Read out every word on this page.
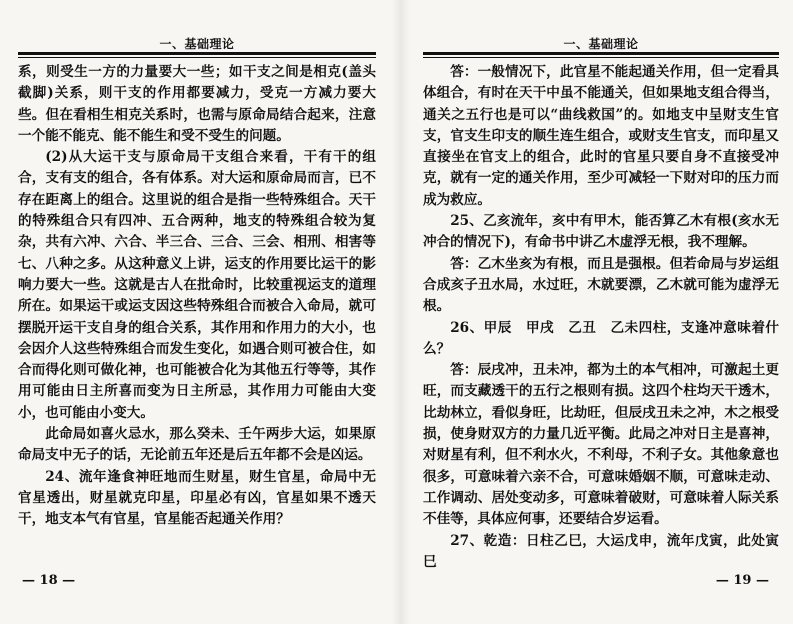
一、基础理论

系，则受生一方的力量要大一些；如干支之间是相克(盖头截脚)关系，则干支的作用都要减力，受克一方减力要大些。但在看相生相克关系时，也需与原命局结合起来，注意一个能不能克、能不能生和受不受生的问题。

(2)从大运干支与原命局干支组合来看，干有干的组合，支有支的组合，各有体系。对大运和原命局而言，已不存在距离上的组合。这里说的组合是指一些特殊组合。天干的特殊组合只有四冲、五合两种，地支的特殊组合较为复杂，共有六冲、六合、半三合、三合、三会、相刑、相害等七、八种之多。从这种意义上讲，运支的作用要比运干的影响力要大一些。这就是古人在批命时，比较重视运支的道理所在。如果运干或运支因这些特殊组合而被合入命局，就可摆脱开运干支自身的组合关系，其作用和作用力的大小，也会因介人这些特殊组合而发生变化，如遇合则可被合住，如合而得化则可做化神，也可能被合化为其他五行等等，其作用可能由日主所喜而变为日主所忌，其作用力可能由大变小，也可能由小变大。

此命局如喜火忌水，那么癸未、壬午两步大运，如果原命局支中无子的话，无论前五年还是后五年都不会是凶运。

24、流年逢食神旺地而生财星，财生官星，命局中无官星透出，财星就克印星，印星必有凶，官星如果不透天干，地支本气有官星，官星能否起通关作用？

— 18 —
一、基础理论

答：一般情况下，此官星不能起通关作用，但一定看具体组合，有时在天干中虽不能通关，但如果地支组合得当，通关之五行也是可以“曲线救国”的。如地支中呈财支生官支，官支生印支的顺生连生组合，或财支生官支，而印星又直接坐在官支上的组合，此时的官星只要自身不直接受冲克，就有一定的通关作用，至少可减轻一下财对印的压力而成为救应。

25、乙亥流年，亥中有甲木，能否算乙木有根(亥水无冲合的情况下)，有命书中讲乙木虚浮无根，我不理解。

答：乙木坐亥为有根，而且是强根。但若命局与岁运组合成亥子丑水局，水过旺，木就要漂，乙木就可能为虚浮无根。

26、甲辰　甲戌　乙丑　乙未四柱，支逢冲意味着什么？

答：辰戌冲，丑未冲，都为土的本气相冲，可激起土更旺，而支藏透干的五行之根则有损。这四个柱均天干透木，比劫林立，看似身旺，比劫旺，但辰戌丑未之冲，木之根受损，使身财双方的力量几近平衡。此局之冲对日主是喜神，对财星有利，但不利水火，不利母，不利子女。其他象意也很多，可意味着六亲不合，可意味婚姻不顺，可意味走动、工作调动、居处变动多，可意味着破财，可意味着人际关系不佳等，具体应何事，还要结合岁运看。

27、乾造：日柱乙巳，大运戊申，流年戊寅，此处寅巳

— 19 —
